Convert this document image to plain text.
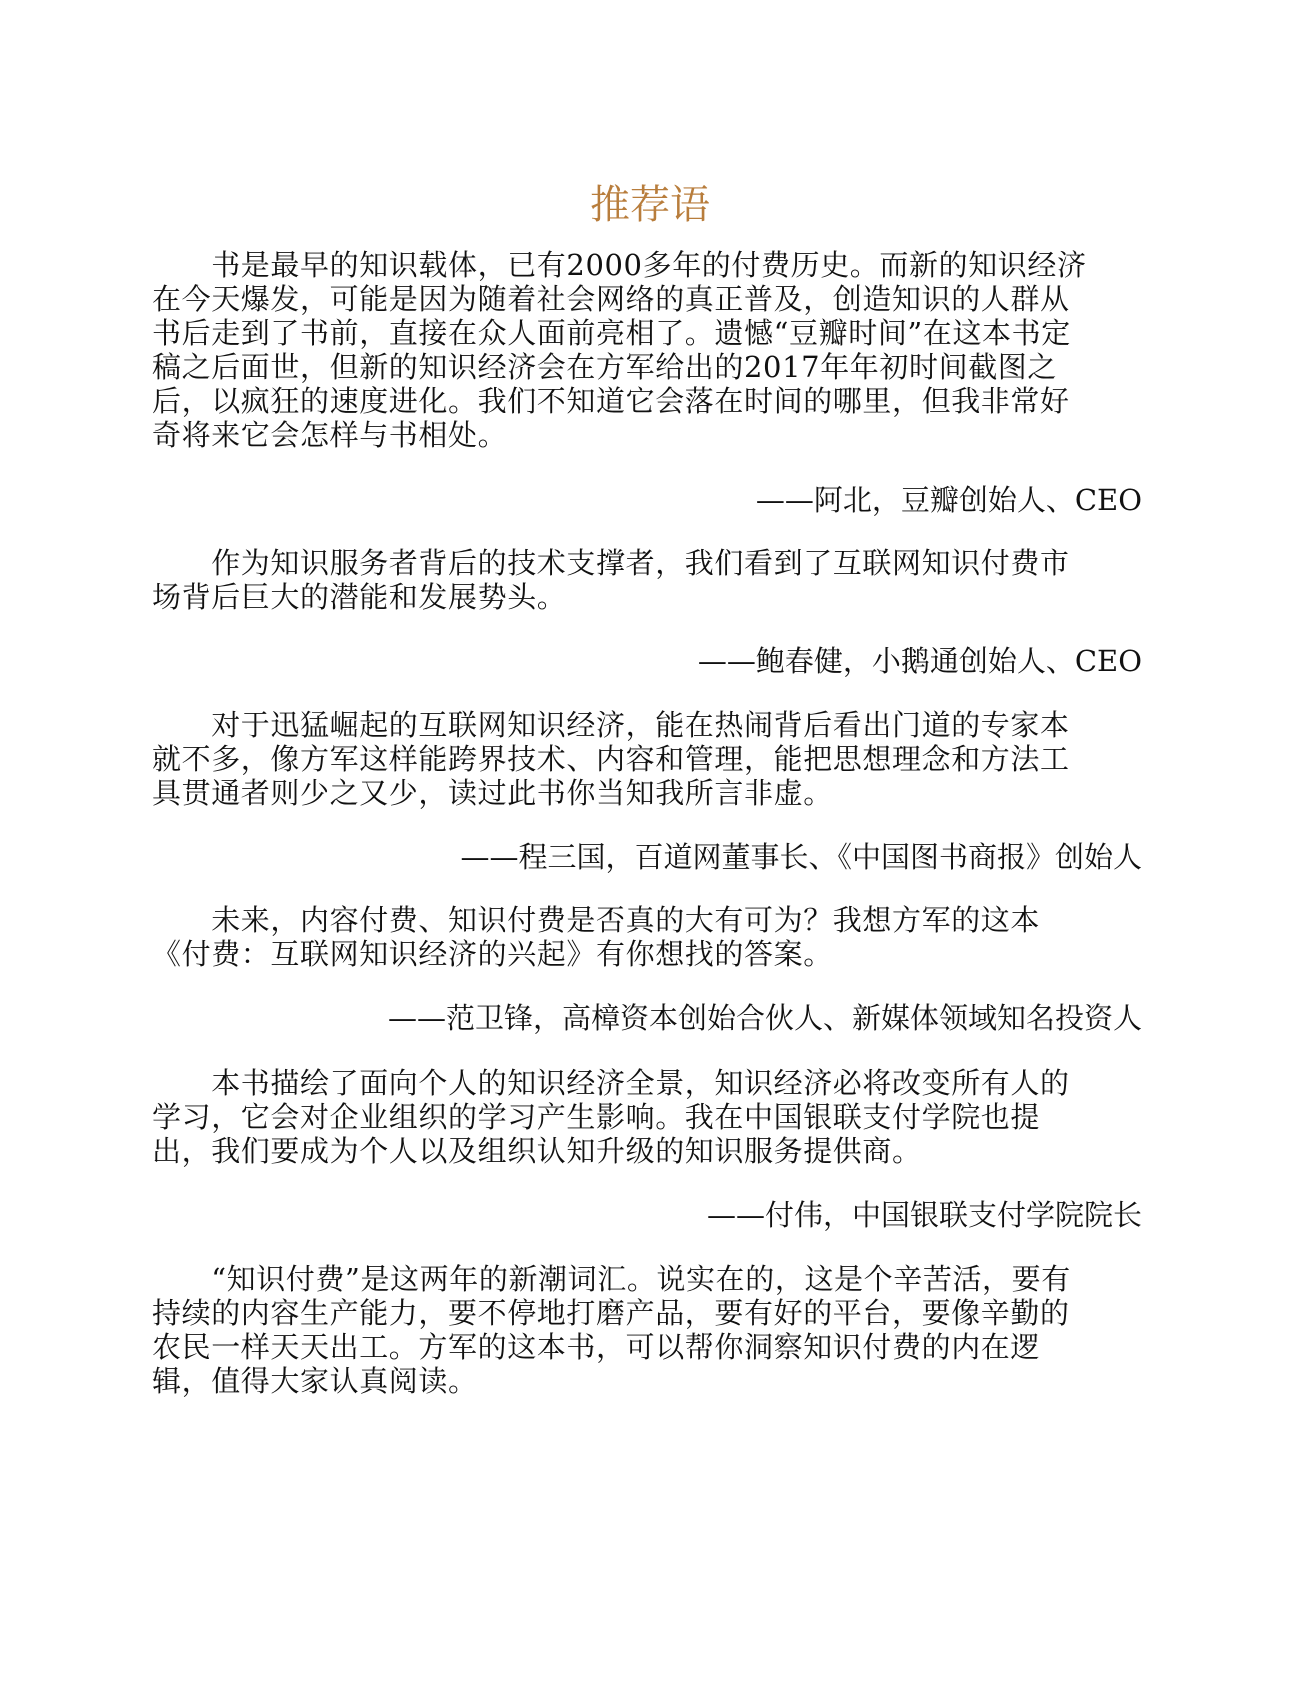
推荐语
　　书是最早的知识载体，已有2000多年的付费历史。而新的知识经济
在今天爆发，可能是因为随着社会网络的真正普及，创造知识的人群从
书后走到了书前，直接在众人面前亮相了。遗憾“豆瓣时间”在这本书定
稿之后面世，但新的知识经济会在方军给出的2017年年初时间截图之
后，以疯狂的速度进化。我们不知道它会落在时间的哪里，但我非常好
奇将来它会怎样与书相处。
——阿北，豆瓣创始人、CEO
　　作为知识服务者背后的技术支撑者，我们看到了互联网知识付费市
场背后巨大的潜能和发展势头。
——鲍春健，小鹅通创始人、CEO
　　对于迅猛崛起的互联网知识经济，能在热闹背后看出门道的专家本
就不多，像方军这样能跨界技术、内容和管理，能把思想理念和方法工
具贯通者则少之又少，读过此书你当知我所言非虚。
——程三国，百道网董事长、《中国图书商报》创始人
　　未来，内容付费、知识付费是否真的大有可为？我想方军的这本
《付费：互联网知识经济的兴起》有你想找的答案。
——范卫锋，高樟资本创始合伙人、新媒体领域知名投资人
　　本书描绘了面向个人的知识经济全景，知识经济必将改变所有人的
学习，它会对企业组织的学习产生影响。我在中国银联支付学院也提
出，我们要成为个人以及组织认知升级的知识服务提供商。
——付伟，中国银联支付学院院长
　　“知识付费”是这两年的新潮词汇。说实在的，这是个辛苦活，要有
持续的内容生产能力，要不停地打磨产品，要有好的平台，要像辛勤的
农民一样天天出工。方军的这本书，可以帮你洞察知识付费的内在逻
辑，值得大家认真阅读。
